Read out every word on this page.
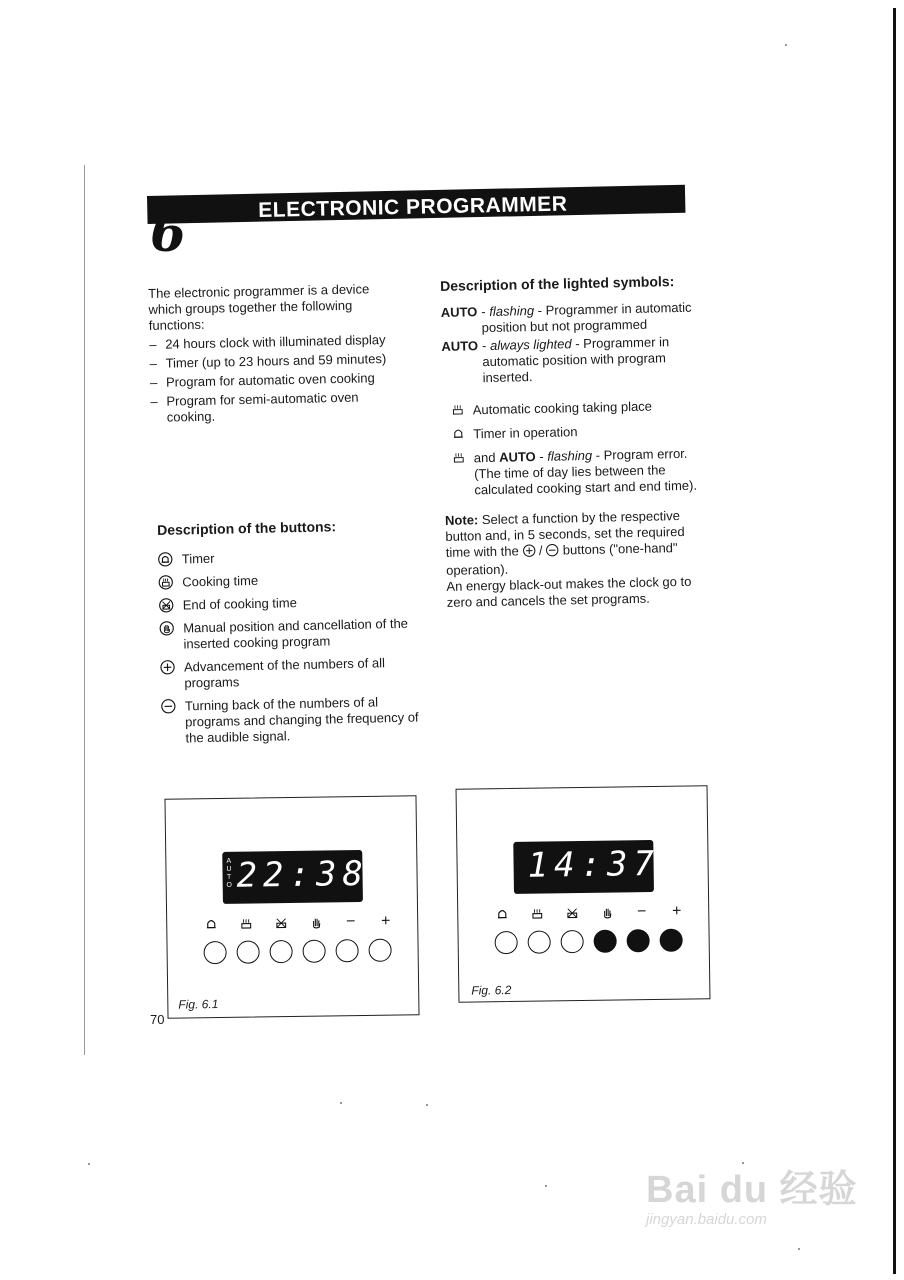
ELECTRONIC PROGRAMMER
6

The electronic programmer is a device which groups together the following functions:

– 24 hours clock with illuminated display
– Timer (up to 23 hours and 59 minutes)
– Program for automatic oven cooking
– Program for semi-automatic oven cooking.
Description of the buttons:
Timer
Cooking time
End of cooking time
Manual position and cancellation of the inserted cooking program
Advancement of the numbers of all programs
Turning back of the numbers of al programs and changing the frequency of the audible signal.
Description of the lighted symbols:
AUTO - flashing - Programmer in automatic position but not programmed
AUTO - always lighted - Programmer in automatic position with program inserted.
Automatic cooking taking place
Timer in operation
and AUTO - flashing - Program error. (The time of day lies between the calculated cooking start and end time).
Note: Select a function by the respective button and, in 5 seconds, set the required time with the / buttons ("one-hand" operation).

An energy black-out makes the clock go to zero and cancels the set programs.

A
U
T
O 22:38
−	+
Fig. 6.1
14:37
−	+
Fig. 6.2
70
Bai du 经验
jingyan.baidu.com
